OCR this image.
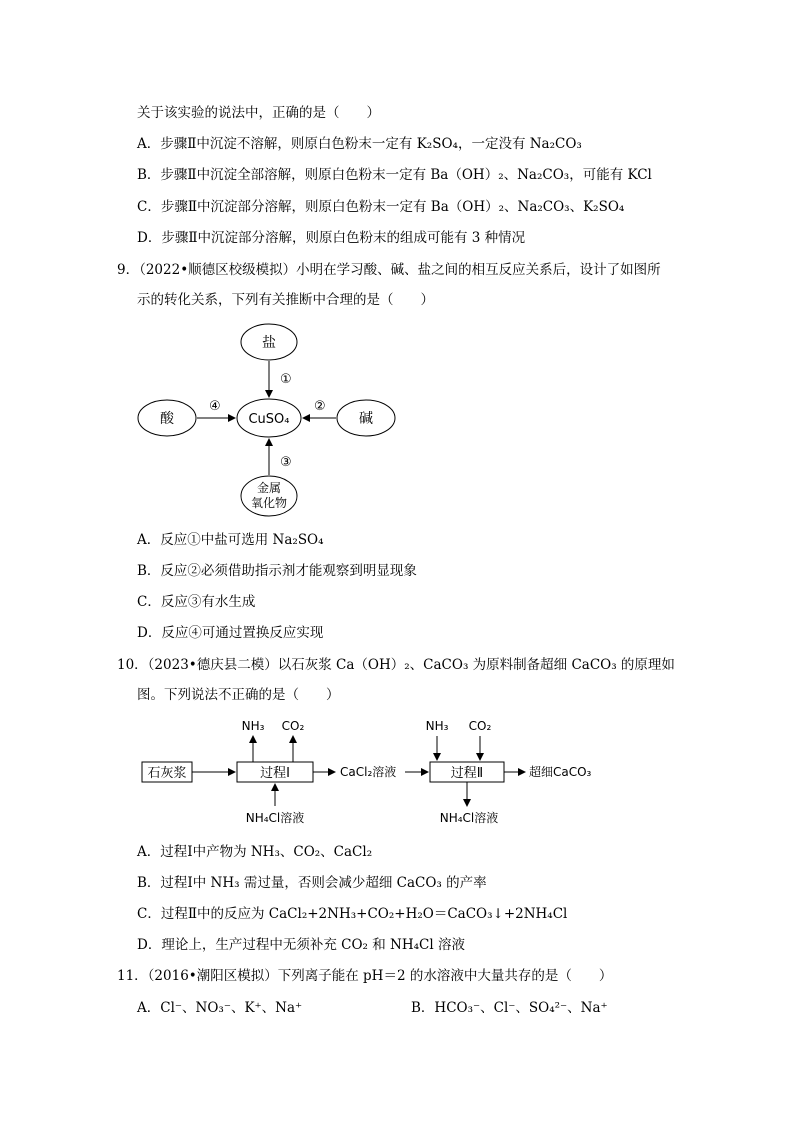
关于该实验的说法中，正确的是（　　）
A．步骤Ⅱ中沉淀不溶解，则原白色粉末一定有 K₂SO₄，一定没有 Na₂CO₃
B．步骤Ⅱ中沉淀全部溶解，则原白色粉末一定有 Ba（OH）₂、Na₂CO₃，可能有 KCl
C．步骤Ⅱ中沉淀部分溶解，则原白色粉末一定有 Ba（OH）₂、Na₂CO₃、K₂SO₄
D．步骤Ⅱ中沉淀部分溶解，则原白色粉末的组成可能有 3 种情况
9．（2022•顺德区校级模拟）小明在学习酸、碱、盐之间的相互反应关系后，设计了如图所
示的转化关系，下列有关推断中合理的是（　　）
盐
CuSO₄
酸	碱
金属
氧化物
①
②
③
④
A．反应①中盐可选用 Na₂SO₄
B．反应②必须借助指示剂才能观察到明显现象
C．反应③有水生成
D．反应④可通过置换反应实现
10．（2023•德庆县二模）以石灰浆 Ca（OH）₂、CaCO₃ 为原料制备超细 CaCO₃ 的原理如
图。下列说法不正确的是（　　）
石灰浆	过程Ⅰ
NH₃ CO₂
NH₄Cl溶液
CaCl₂溶液	过程Ⅱ
NH₃ CO₂
NH₄Cl溶液
超细CaCO₃
A．过程Ⅰ中产物为 NH₃、CO₂、CaCl₂
B．过程Ⅰ中 NH₃ 需过量，否则会减少超细 CaCO₃ 的产率
C．过程Ⅱ中的反应为 CaCl₂+2NH₃+CO₂+H₂O＝CaCO₃↓+2NH₄Cl
D．理论上，生产过程中无须补充 CO₂ 和 NH₄Cl 溶液
11．（2016•潮阳区模拟）下列离子能在 pH＝2 的水溶液中大量共存的是（　　）
A．Cl⁻、NO₃⁻、K⁺、Na⁺	B．HCO₃⁻、Cl⁻、SO₄²⁻、Na⁺
